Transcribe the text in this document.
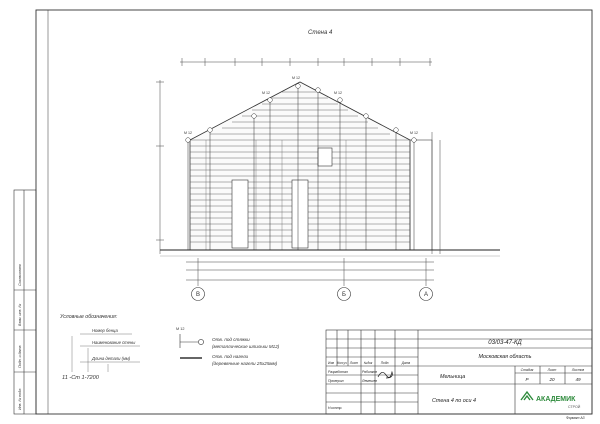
Стена 4
М 12
М 12
М 12
М 12
М 12
В	Б	А
Условные обозначения:
Номер бенца
Наименование стены
Длина детали (мм)
11 -Ст 1-7200
М 12
Отв. под стяжки
(металлические шпильки М12)
Отв. под нагели
(деревянные нагели 25х25мм)
Согласовано
Взам. инв. №
Подп. и дата
Инв. № подл.
03/03-47-КД
Московская область
Мельница
Стена 4 по оси 4
Стадия	Лист	Листов
Р	20	49
Изм Кол.уч Лист №док	Подп.	Дата
Разработал	Рябинков
Проверил	Лемешев
Н.контр.
АКАДЕМИК
СТРОЙ
Формат А3
